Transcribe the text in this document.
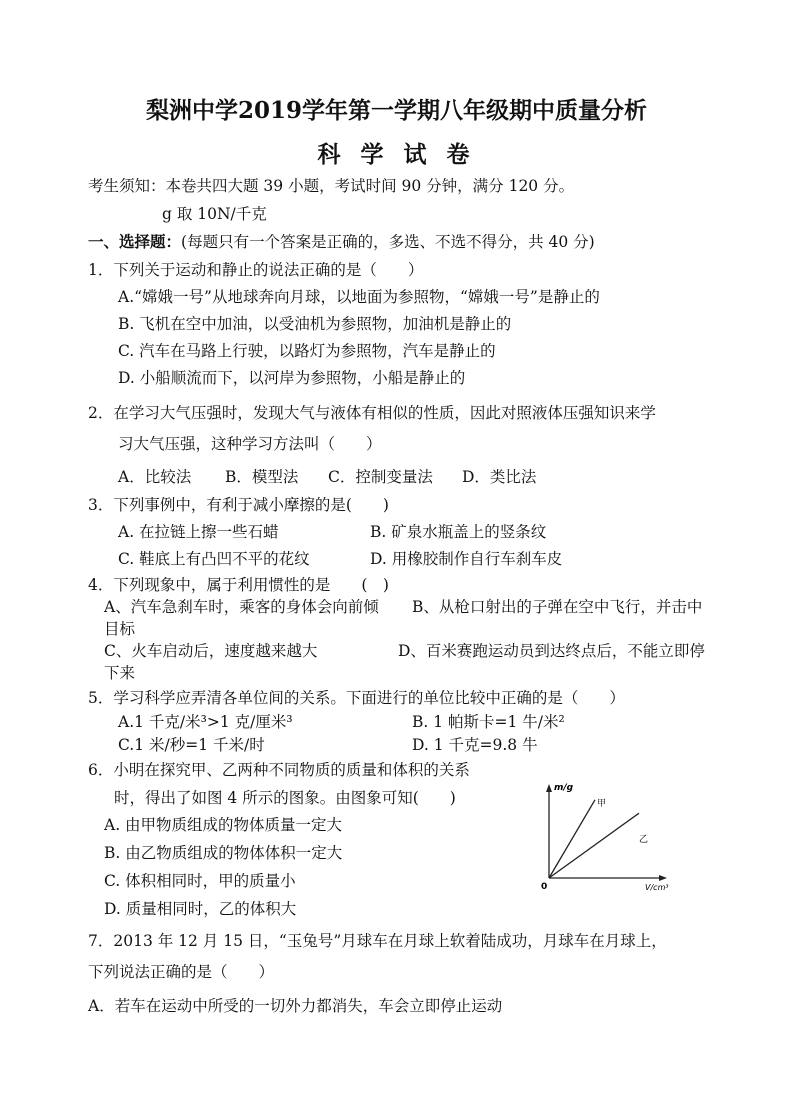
梨洲中学2019学年第一学期八年级期中质量分析
科 学 试 卷
考生须知：本卷共四大题 39 小题，考试时间 90 分钟，满分 120 分。
g 取 10N/千克
一、选择题：(每题只有一个答案是正确的，多选、不选不得分，共 40 分)
1．下列关于运动和静止的说法正确的是（　　）
A.“嫦娥一号”从地球奔向月球，以地面为参照物，“嫦娥一号”是静止的
B. 飞机在空中加油，以受油机为参照物，加油机是静止的
C. 汽车在马路上行驶，以路灯为参照物，汽车是静止的
D. 小船顺流而下，以河岸为参照物，小船是静止的
2．在学习大气压强时，发现大气与液体有相似的性质，因此对照液体压强知识来学
习大气压强，这种学习方法叫（　　）
A．比较法 B．模型法 C．控制变量法 D．类比法
3．下列事例中，有利于减小摩擦的是(　　)
A. 在拉链上擦一些石蜡	B. 矿泉水瓶盖上的竖条纹
C. 鞋底上有凸凹不平的花纹	D. 用橡胶制作自行车刹车皮
4．下列现象中，属于利用惯性的是　　(　)
A、汽车急刹车时，乘客的身体会向前倾 B、从枪口射出的子弹在空中飞行，并击中
目标
C、火车启动后，速度越来越大	D、百米赛跑运动员到达终点后，不能立即停
下来
5．学习科学应弄清各单位间的关系。下面进行的单位比较中正确的是（　　）
A.1 千克/米³>1 克/厘米³	B. 1 帕斯卡=1 牛/米²
C.1 米/秒=1 千米/时	D. 1 千克=9.8 牛
6．小明在探究甲、乙两种不同物质的质量和体积的关系
时，得出了如图 4 所示的图象。由图象可知(　　)
A. 由甲物质组成的物体质量一定大
B. 由乙物质组成的物体体积一定大
C. 体积相同时，甲的质量小
D. 质量相同时，乙的体积大
m/g
V/cm³
0
甲
乙
7．2013 年 12 月 15 日，“玉兔号”月球车在月球上软着陆成功，月球车在月球上，
下列说法正确的是（　　）
A．若车在运动中所受的一切外力都消失，车会立即停止运动
